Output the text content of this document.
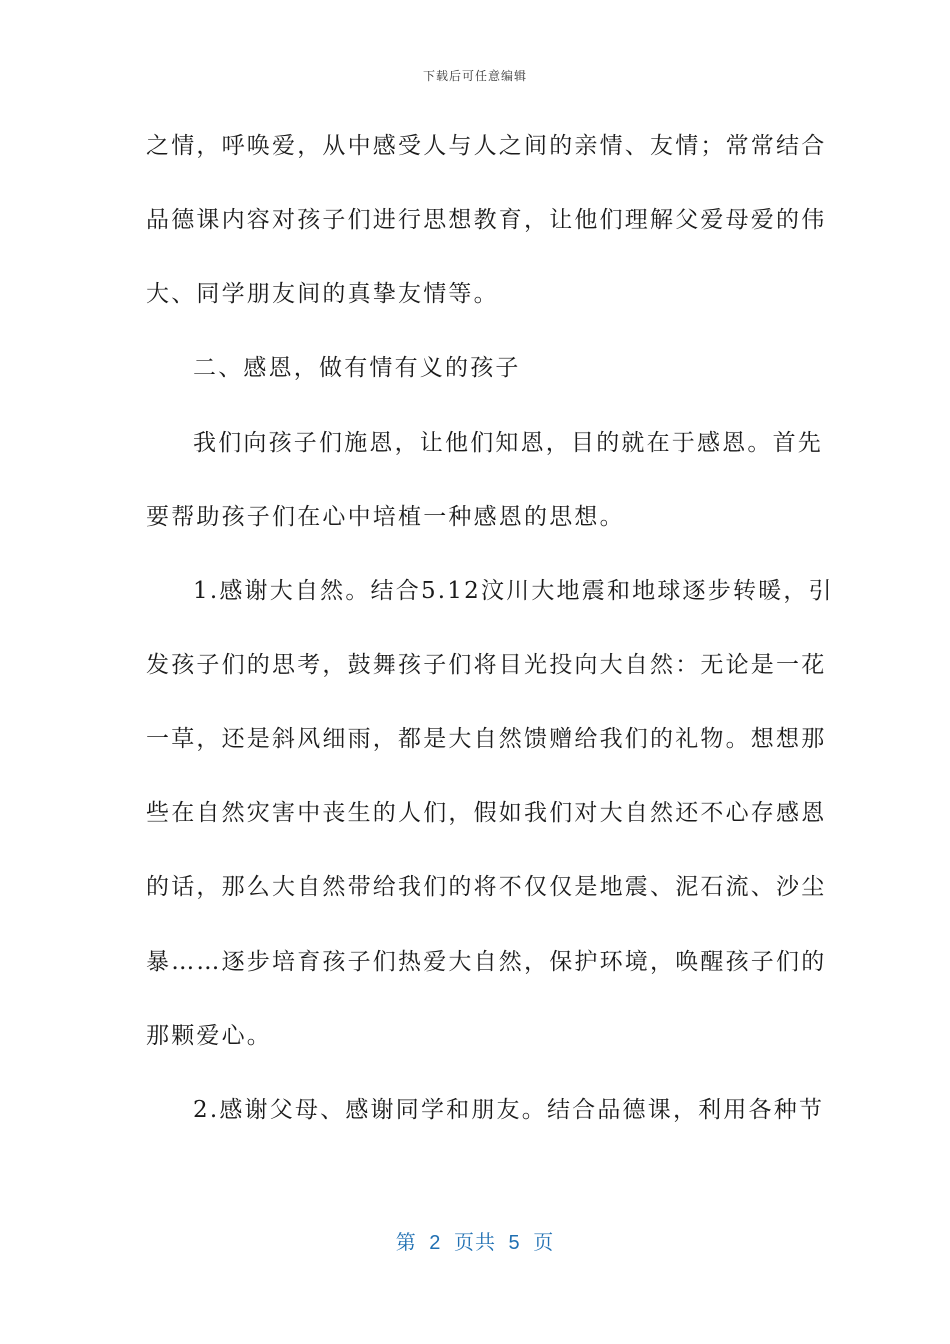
下载后可任意编辑
之情，呼唤爱，从中感受人与人之间的亲情、友情；常常结合
品德课内容对孩子们进行思想教育，让他们理解父爱母爱的伟
大、同学朋友间的真挚友情等。
二、感恩，做有情有义的孩子
我们向孩子们施恩，让他们知恩，目的就在于感恩。首先
要帮助孩子们在心中培植一种感恩的思想。
1.感谢大自然。结合5.12汶川大地震和地球逐步转暖，引
发孩子们的思考，鼓舞孩子们将目光投向大自然：无论是一花
一草，还是斜风细雨，都是大自然馈赠给我们的礼物。想想那
些在自然灾害中丧生的人们，假如我们对大自然还不心存感恩
的话，那么大自然带给我们的将不仅仅是地震、泥石流、沙尘
暴……逐步培育孩子们热爱大自然，保护环境，唤醒孩子们的
那颗爱心。
2.感谢父母、感谢同学和朋友。结合品德课，利用各种节
第 2 页共 5 页
